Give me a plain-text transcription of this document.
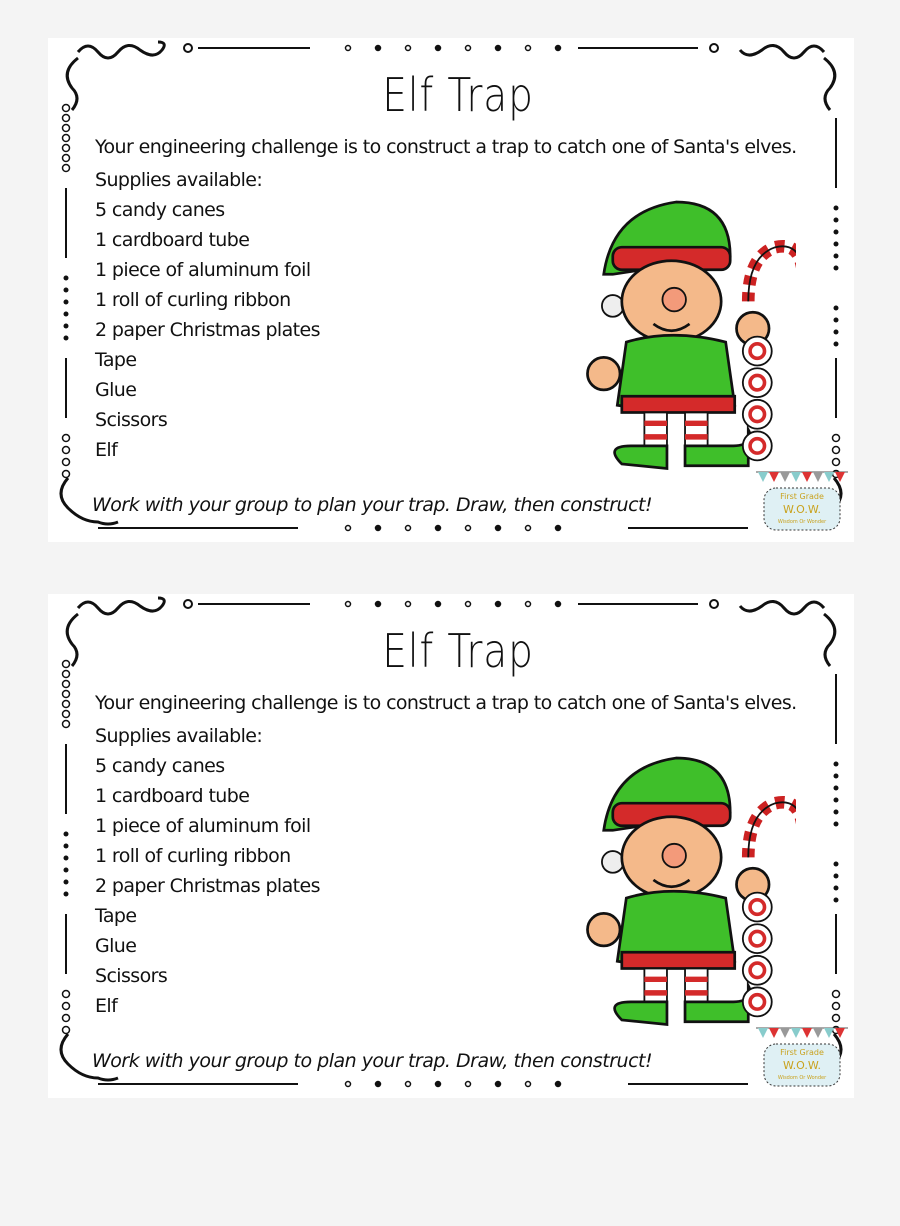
Elf Trap
Your engineering challenge is to construct a trap to catch one of Santa's elves.
Supplies available:
5 candy canes
1 cardboard tube
1 piece of aluminum foil
1 roll of curling ribbon
2 paper Christmas plates
Tape
Glue
Scissors
Elf
Work with your group to plan your trap. Draw, then construct!	First Grade
W.O.W.
Wisdom Or Wonder
Elf Trap
Your engineering challenge is to construct a trap to catch one of Santa's elves.
Supplies available:
5 candy canes
1 cardboard tube
1 piece of aluminum foil
1 roll of curling ribbon
2 paper Christmas plates
Tape
Glue
Scissors
Elf
Work with your group to plan your trap. Draw, then construct!	First Grade
W.O.W.
Wisdom Or Wonder
